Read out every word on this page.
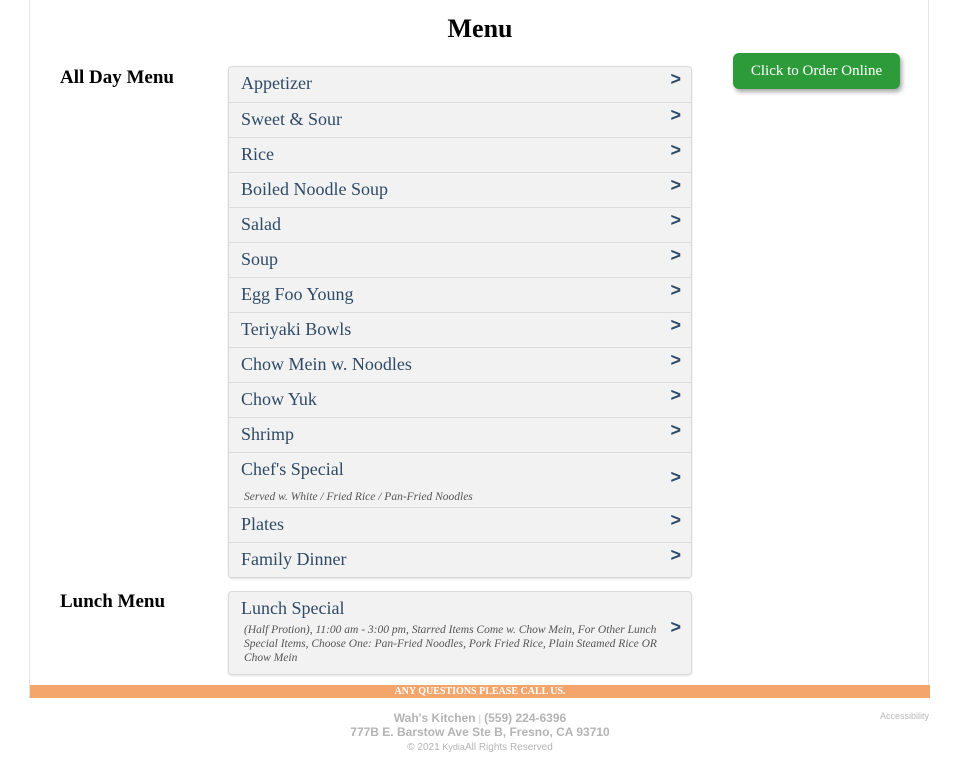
Menu
All Day Menu	Appetizer	>
Sweet & Sour	>
Rice	>
Boiled Noodle Soup	>
Salad	>
Soup	>
Egg Foo Young	>
Teriyaki Bowls	>
Chow Mein w. Noodles	>
Chow Yuk	>
Shrimp	>
Chef's Special
Served w. White / Fried Rice / Pan-Fried Noodles
>
Plates	>
Family Dinner	>
Click to Order Online
Lunch Menu	Lunch Special
(Half Protion), 11:00 am - 3:00 pm, Starred Items Come w. Chow Mein, For Other Lunch Special Items, Choose One: Pan-Fried Noodles, Pork Fried Rice, Plain Steamed Rice OR Chow Mein
>
ANY QUESTIONS PLEASE CALL US.
Wah's Kitchen | (559) 224-6396
777B E. Barstow Ave Ste B, Fresno, CA 93710
© 2021 KydiaAll Rights Reserved
Accessibility
